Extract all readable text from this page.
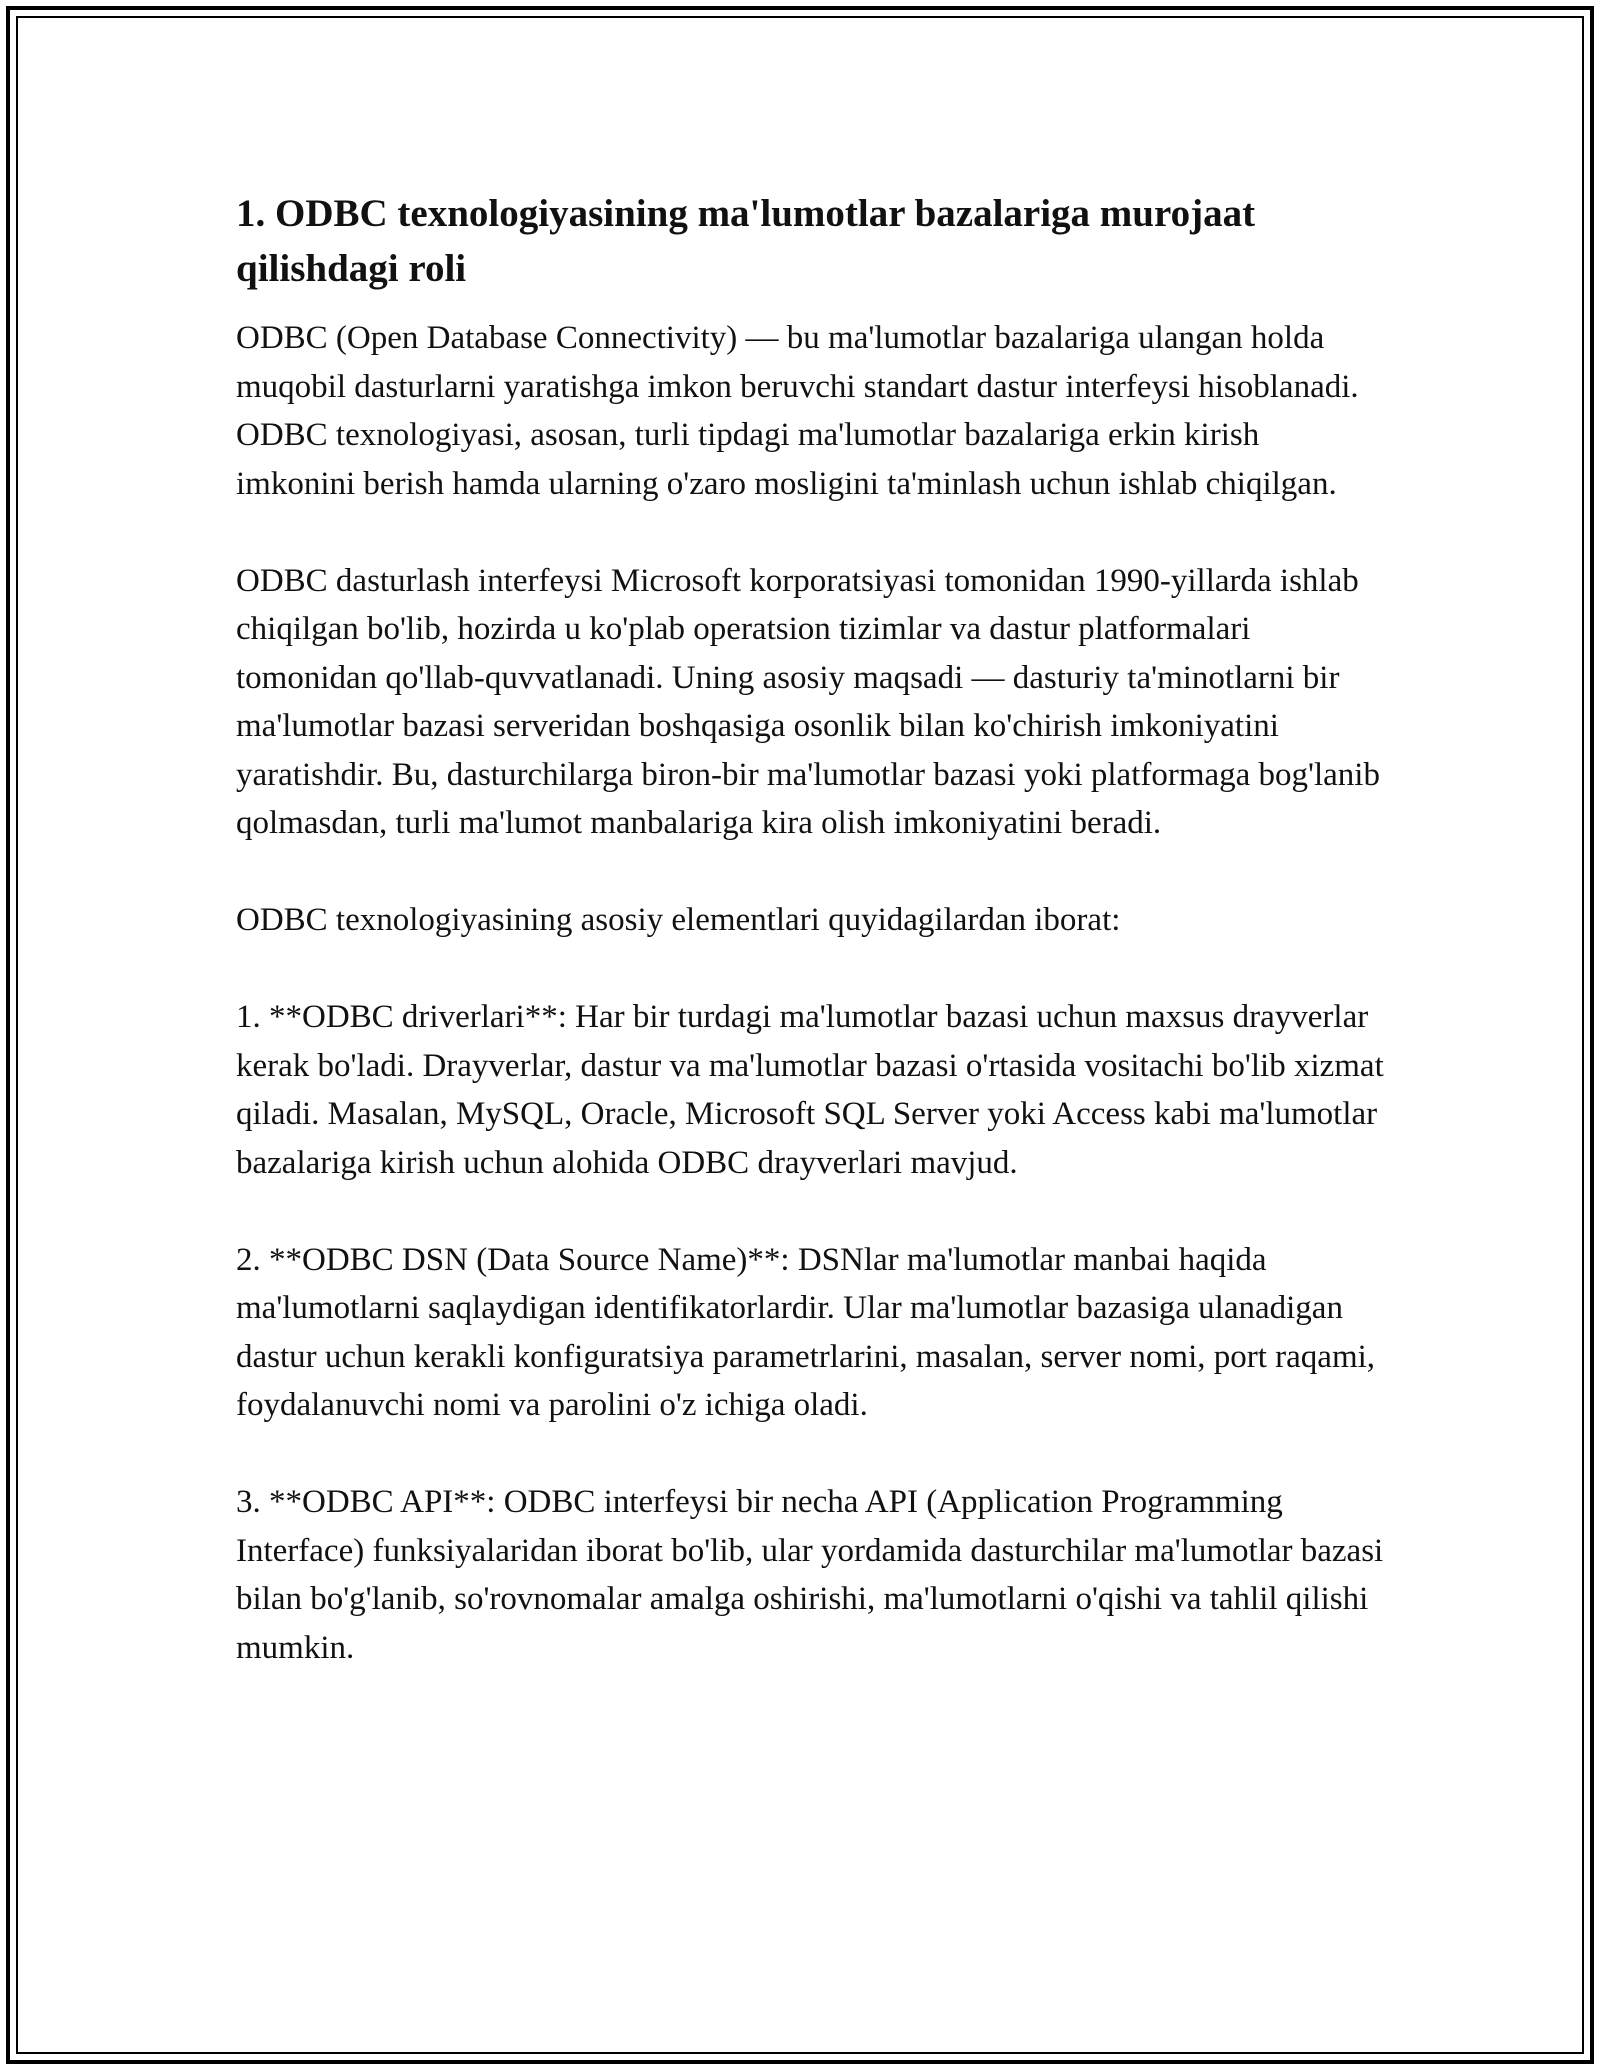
1. ODBC texnologiyasining ma'lumotlar bazalariga murojaat qilishdagi roli

ODBC (Open Database Connectivity) — bu ma'lumotlar bazalariga ulangan holda muqobil dasturlarni yaratishga imkon beruvchi standart dastur interfeysi hisoblanadi. ODBC texnologiyasi, asosan, turli tipdagi ma'lumotlar bazalariga erkin kirish imkonini berish hamda ularning o'zaro mosligini ta'minlash uchun ishlab chiqilgan.

ODBC dasturlash interfeysi Microsoft korporatsiyasi tomonidan 1990-yillarda ishlab chiqilgan bo'lib, hozirda u ko'plab operatsion tizimlar va dastur platformalari tomonidan qo'llab-quvvatlanadi. Uning asosiy maqsadi — dasturiy ta'minotlarni bir ma'lumotlar bazasi serveridan boshqasiga osonlik bilan ko'chirish imkoniyatini yaratishdir. Bu, dasturchilarga biron-bir ma'lumotlar bazasi yoki platformaga bog'lanib qolmasdan, turli ma'lumot manbalariga kira olish imkoniyatini beradi.

ODBC texnologiyasining asosiy elementlari quyidagilardan iborat:

1. **ODBC driverlari**: Har bir turdagi ma'lumotlar bazasi uchun maxsus drayverlar kerak bo'ladi. Drayverlar, dastur va ma'lumotlar bazasi o'rtasida vositachi bo'lib xizmat qiladi. Masalan, MySQL, Oracle, Microsoft SQL Server yoki Access kabi ma'lumotlar bazalariga kirish uchun alohida ODBC drayverlari mavjud.

2. **ODBC DSN (Data Source Name)**: DSNlar ma'lumotlar manbai haqida ma'lumotlarni saqlaydigan identifikatorlardir. Ular ma'lumotlar bazasiga ulanadigan dastur uchun kerakli konfiguratsiya parametrlarini, masalan, server nomi, port raqami, foydalanuvchi nomi va parolini o'z ichiga oladi.

3. **ODBC API**: ODBC interfeysi bir necha API (Application Programming Interface) funksiyalaridan iborat bo'lib, ular yordamida dasturchilar ma'lumotlar bazasi bilan bo'g'lanib, so'rovnomalar amalga oshirishi, ma'lumotlarni o'qishi va tahlil qilishi mumkin.
